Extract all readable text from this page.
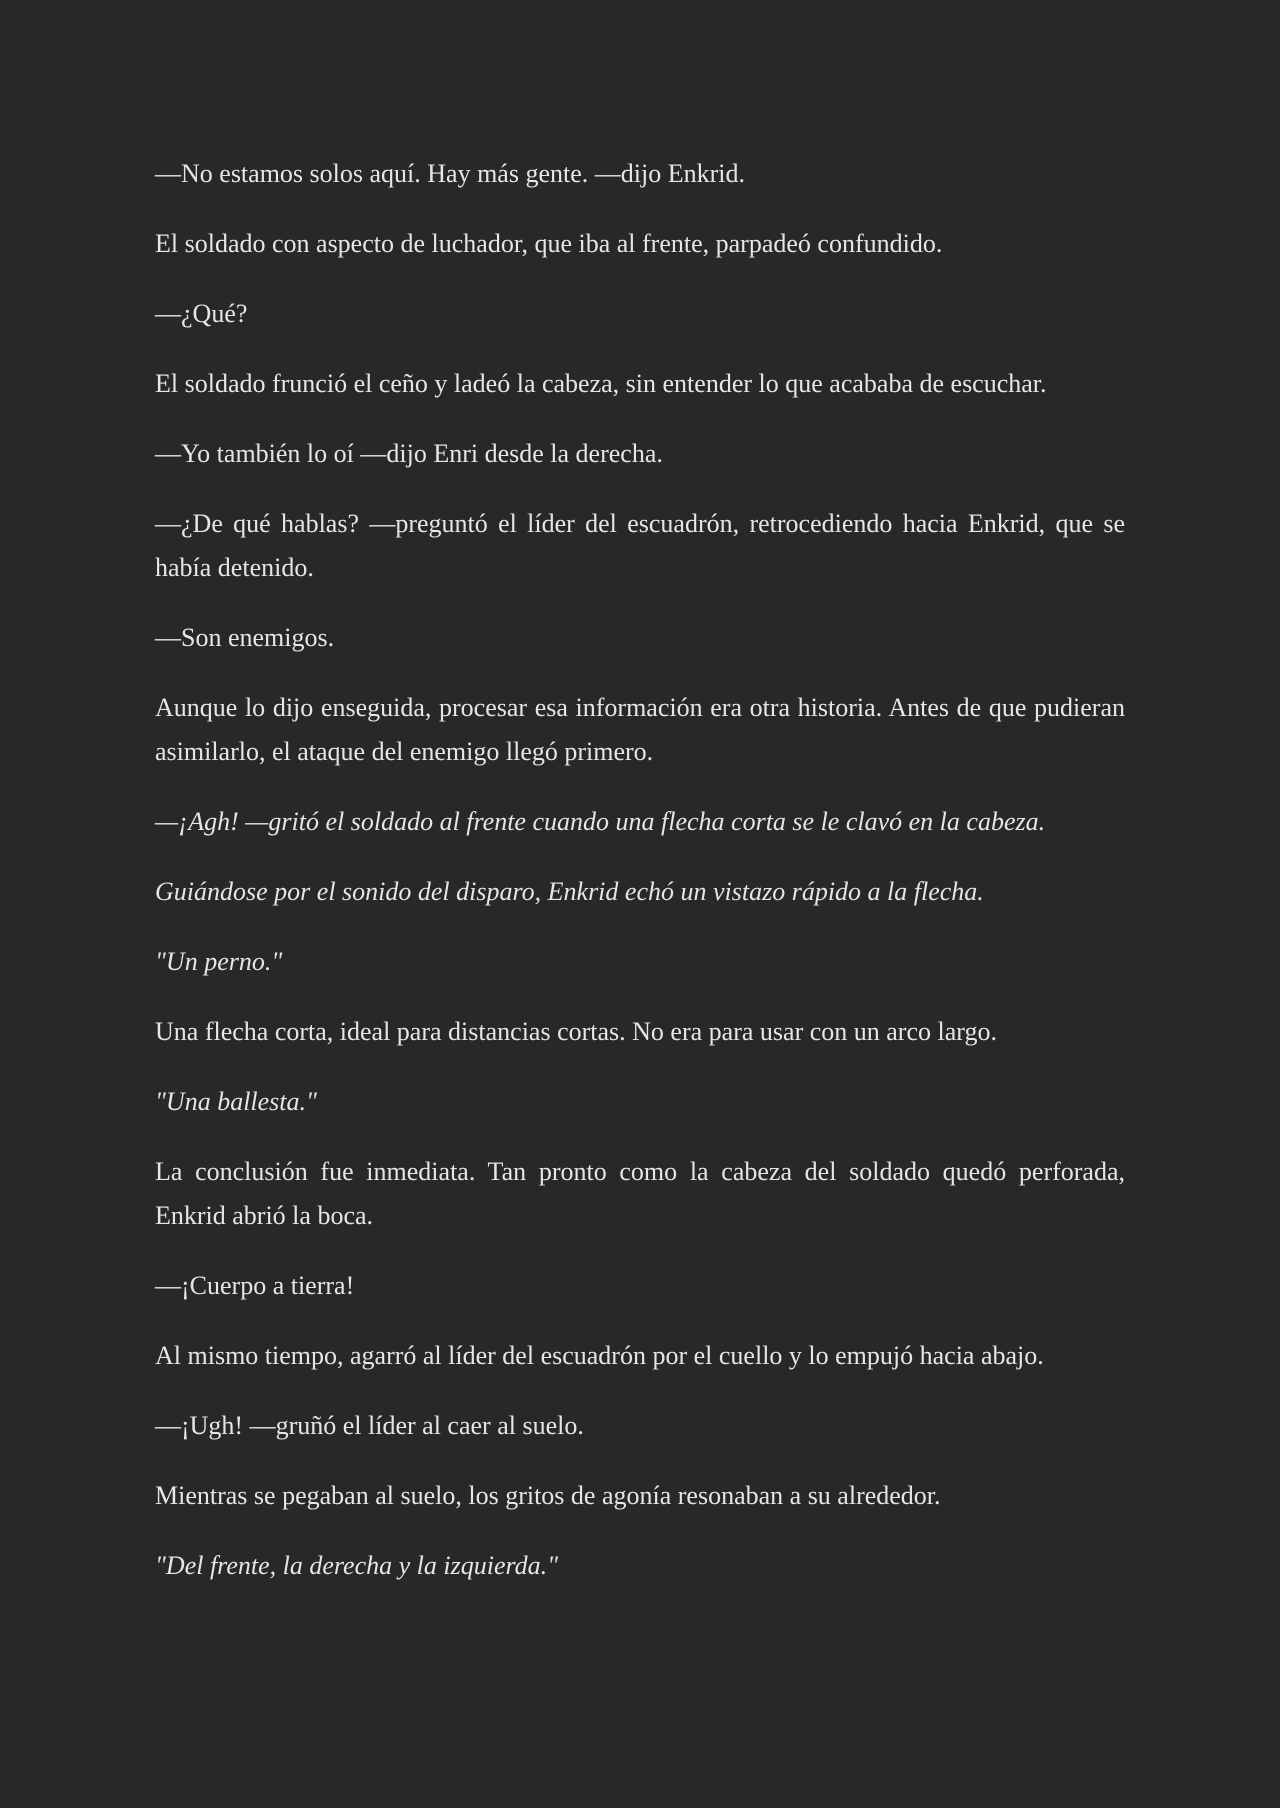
—No estamos solos aquí. Hay más gente. —dijo Enkrid.

El soldado con aspecto de luchador, que iba al frente, parpadeó confundido.

—¿Qué?

El soldado frunció el ceño y ladeó la cabeza, sin entender lo que acababa de escuchar.

—Yo también lo oí —dijo Enri desde la derecha.

—¿De qué hablas? —preguntó el líder del escuadrón, retrocediendo hacia Enkrid, que se había detenido.

—Son enemigos.

Aunque lo dijo enseguida, procesar esa información era otra historia. Antes de que pudieran asimilarlo, el ataque del enemigo llegó primero.

—¡Agh! —gritó el soldado al frente cuando una flecha corta se le clavó en la cabeza.

Guiándose por el sonido del disparo, Enkrid echó un vistazo rápido a la flecha.

"Un perno."

Una flecha corta, ideal para distancias cortas. No era para usar con un arco largo.

"Una ballesta."

La conclusión fue inmediata. Tan pronto como la cabeza del soldado quedó perforada, Enkrid abrió la boca.

—¡Cuerpo a tierra!

Al mismo tiempo, agarró al líder del escuadrón por el cuello y lo empujó hacia abajo.

—¡Ugh! —gruñó el líder al caer al suelo.

Mientras se pegaban al suelo, los gritos de agonía resonaban a su alrededor.

"Del frente, la derecha y la izquierda."
